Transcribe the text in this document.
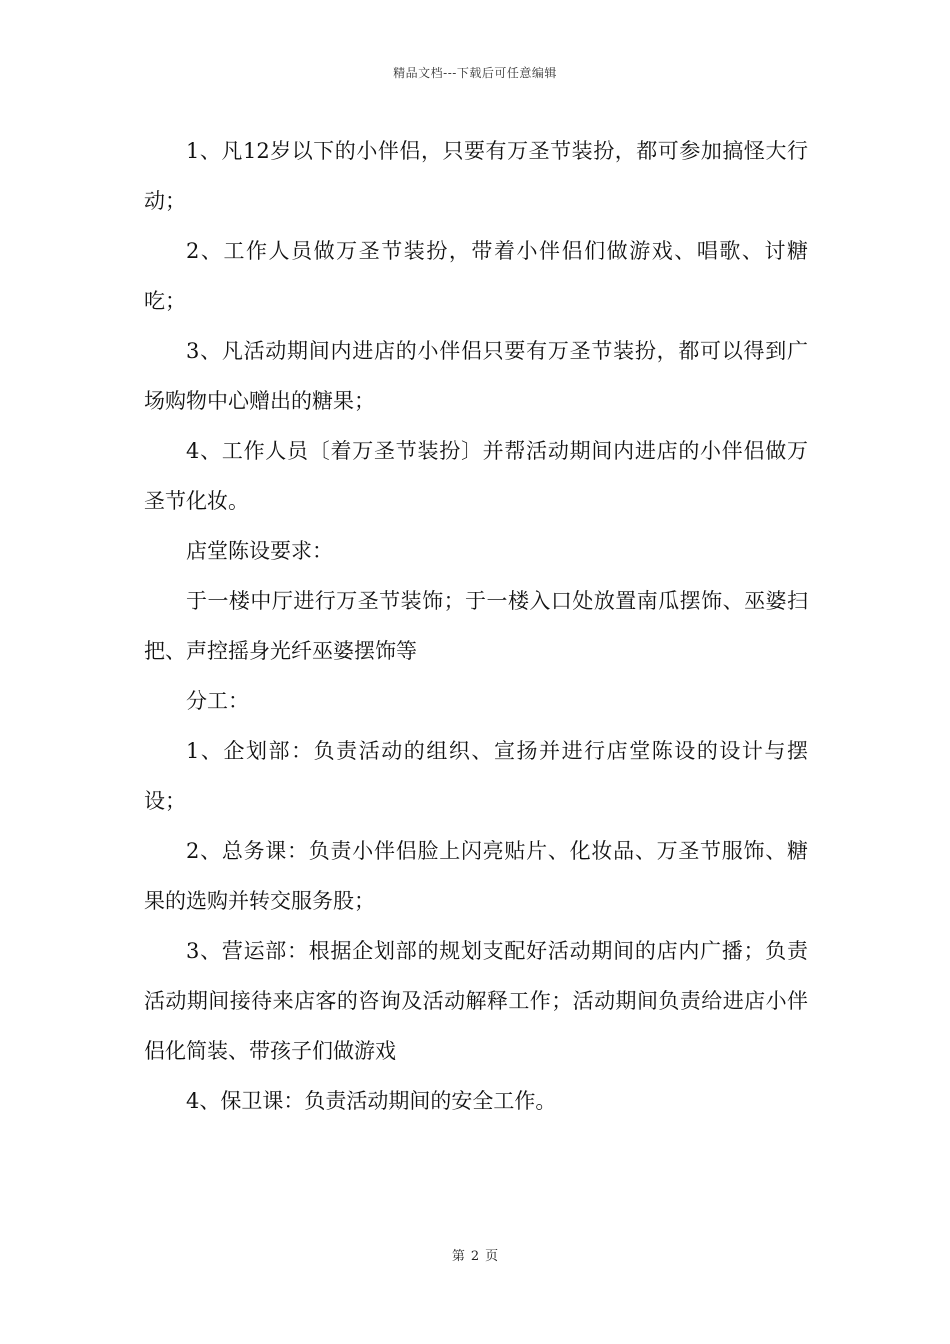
精品文档---下载后可任意编辑

1、凡12岁以下的小伴侣，只要有万圣节装扮，都可参加搞怪大行动；

2、工作人员做万圣节装扮，带着小伴侣们做游戏、唱歌、讨糖吃；

3、凡活动期间内进店的小伴侣只要有万圣节装扮，都可以得到广场购物中心赠出的糖果；

4、工作人员〔着万圣节装扮〕并帮活动期间内进店的小伴侣做万圣节化妆。

店堂陈设要求：

于一楼中厅进行万圣节装饰；于一楼入口处放置南瓜摆饰、巫婆扫把、声控摇身光纤巫婆摆饰等

分工：

1、企划部：负责活动的组织、宣扬并进行店堂陈设的设计与摆设；

2、总务课：负责小伴侣脸上闪亮贴片、化妆品、万圣节服饰、糖果的选购并转交服务股；

3、营运部：根据企划部的规划支配好活动期间的店内广播；负责活动期间接待来店客的咨询及活动解释工作；活动期间负责给进店小伴侣化简装、带孩子们做游戏

4、保卫课：负责活动期间的安全工作。

第 2 页
